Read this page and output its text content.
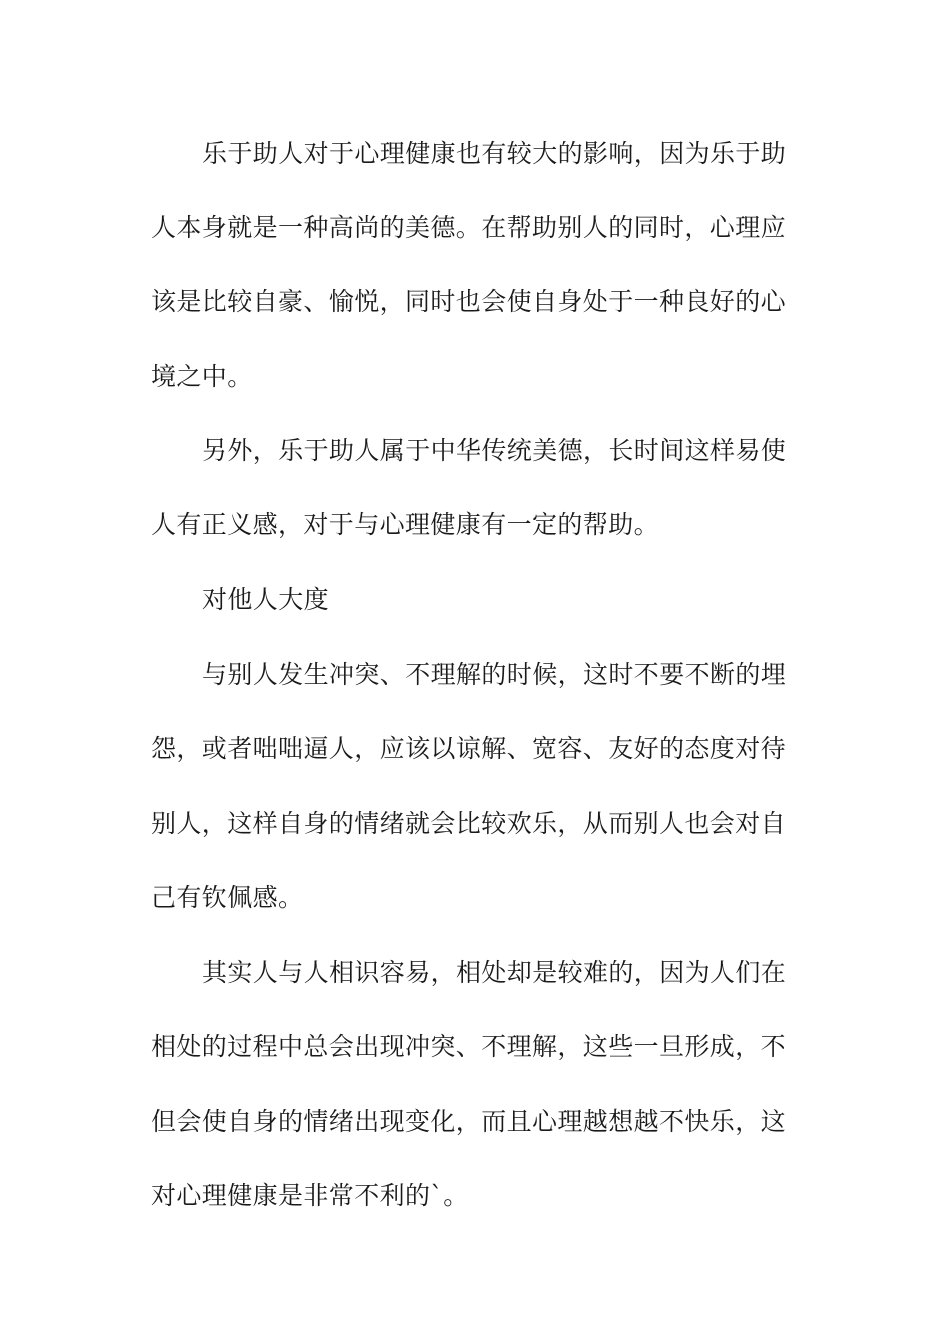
乐于助人对于心理健康也有较大的影响，因为乐于助

人本身就是一种高尚的美德。在帮助别人的同时，心理应

该是比较自豪、愉悦，同时也会使自身处于一种良好的心

境之中。

另外，乐于助人属于中华传统美德，长时间这样易使

人有正义感，对于与心理健康有一定的帮助。

对他人大度

与别人发生冲突、不理解的时候，这时不要不断的埋

怨，或者咄咄逼人，应该以谅解、宽容、友好的态度对待

别人，这样自身的情绪就会比较欢乐，从而别人也会对自

己有钦佩感。

其实人与人相识容易，相处却是较难的，因为人们在

相处的过程中总会出现冲突、不理解，这些一旦形成，不

但会使自身的情绪出现变化，而且心理越想越不快乐，这

对心理健康是非常不利的`。
